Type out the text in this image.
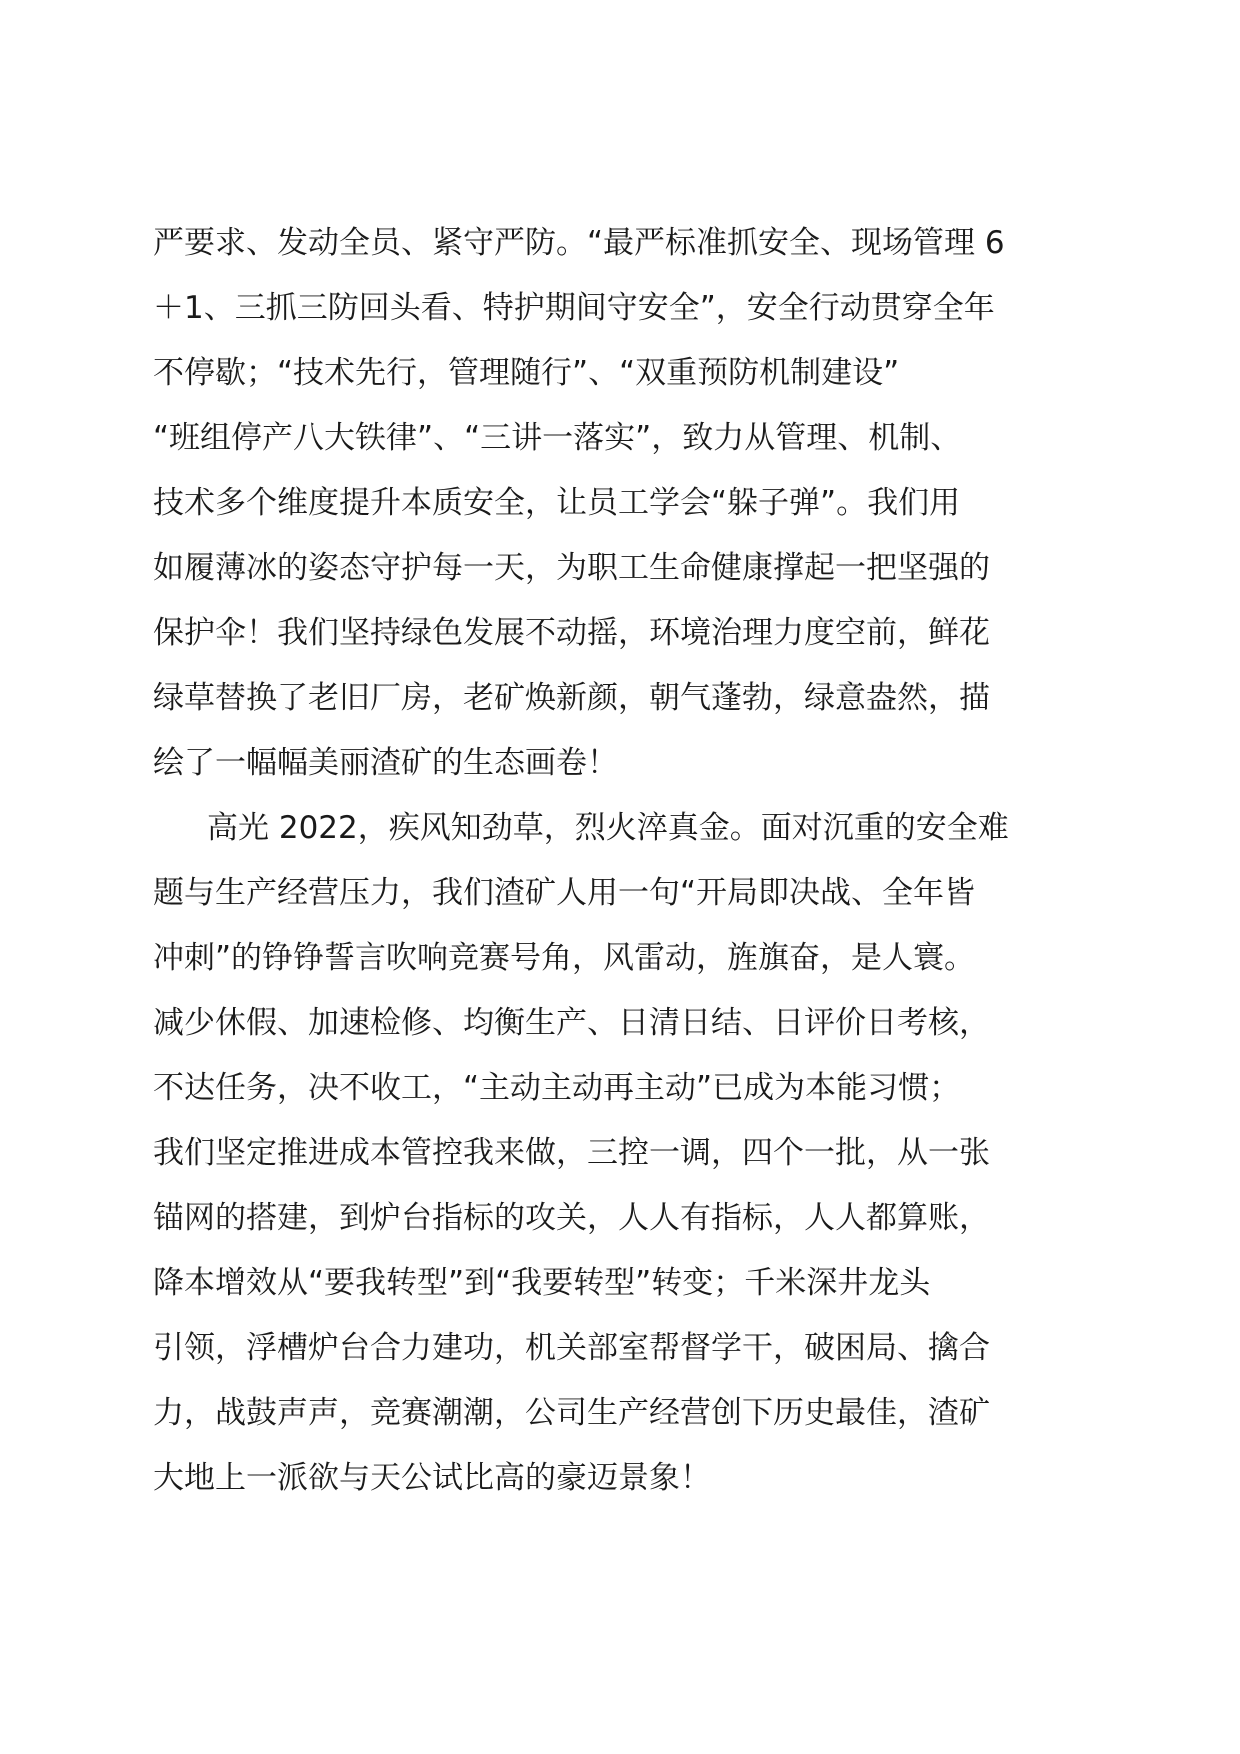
严要求、发动全员、紧守严防。“最严标准抓安全、现场管理 6
＋1、三抓三防回头看、特护期间守安全”，安全行动贯穿全年
不停歇；“技术先行，管理随行”、“双重预防机制建设”
“班组停产八大铁律”、“三讲一落实”，致力从管理、机制、
技术多个维度提升本质安全，让员工学会“躲子弹”。我们用
如履薄冰的姿态守护每一天，为职工生命健康撑起一把坚强的
保护伞！我们坚持绿色发展不动摇，环境治理力度空前，鲜花
绿草替换了老旧厂房，老矿焕新颜，朝气蓬勃，绿意盎然，描
绘了一幅幅美丽渣矿的生态画卷！
高光 2022，疾风知劲草，烈火淬真金。面对沉重的安全难
题与生产经营压力，我们渣矿人用一句“开局即决战、全年皆
冲刺”的铮铮誓言吹响竞赛号角，风雷动，旌旗奋，是人寰。
减少休假、加速检修、均衡生产、日清日结、日评价日考核，
不达任务，决不收工，“主动主动再主动”已成为本能习惯；
我们坚定推进成本管控我来做，三控一调，四个一批，从一张
锚网的搭建，到炉台指标的攻关，人人有指标，人人都算账，
降本增效从“要我转型”到“我要转型”转变；千米深井龙头
引领，浮槽炉台合力建功，机关部室帮督学干，破困局、擒合
力，战鼓声声，竞赛潮潮，公司生产经营创下历史最佳，渣矿
大地上一派欲与天公试比高的豪迈景象！
